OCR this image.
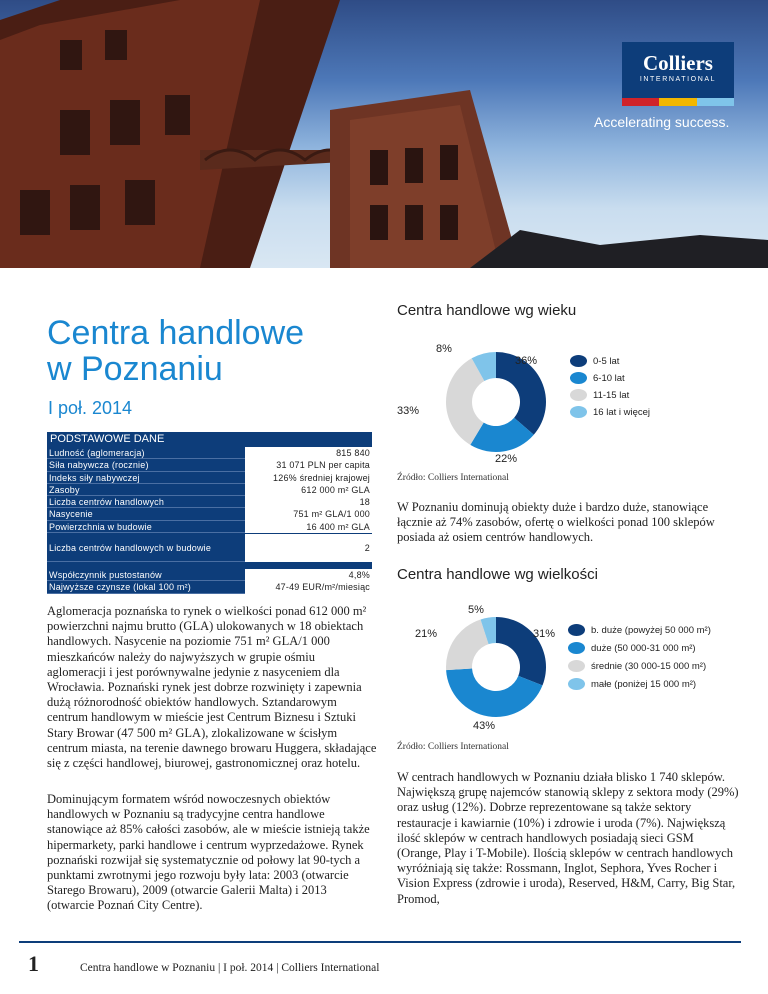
Colliers
INTERNATIONAL
Accelerating success.
Centra handlowe
w Poznaniu
I poł. 2014
PODSTAWOWE DANE
Ludność (aglomeracja)
Siła nabywcza (rocznie)
Indeks siły nabywczej
Zasoby
Liczba centrów handlowych
Nasycenie
Powierzchnia w budowie
815 840
31 071 PLN per capita
126% średniej krajowej
612 000 m² GLA
18
751 m² GLA/1 000
16 400 m² GLA
Liczba centrów handlowych w budowie	2
Współczynnik pustostanów
Najwyższe czynsze (lokal 100 m²)
4,8%
47-49 EUR/m²/miesiąc

Aglomeracja poznańska to rynek o wielkości ponad 612 000 m² powierzchni najmu brutto (GLA) ulokowanych w 18 obiektach handlowych. Nasycenie na poziomie 751 m² GLA/1 000 mieszkańców należy do najwyższych w grupie ośmiu aglomeracji i jest porównywalne jedynie z nasyceniem dla Wrocławia. Poznański rynek jest dobrze rozwinięty i zapewnia dużą różnorodność obiektów handlowych. Sztandarowym centrum handlowym w mieście jest Centrum Biznesu i Sztuki Stary Browar (47 500 m² GLA), zlokalizowane w ścisłym centrum miasta, na terenie dawnego browaru Huggera, składające się z części handlowej, biurowej, gastronomicznej oraz hotelu.

Dominującym formatem wśród nowoczesnych obiektów handlowych w Poznaniu są tradycyjne centra handlowe stanowiące aż 85% całości zasobów, ale w mieście istnieją także hipermarkety, parki handlowe i centrum wyprzedażowe. Rynek poznański rozwijał się systematycznie od połowy lat 90-tych a punktami zwrotnymi jego rozwoju były lata: 2003 (otwarcie Starego Browaru), 2009 (otwarcie Galerii Malta) i 2013 (otwarcie Poznań City Centre).

Centra handlowe wg wieku
36%
22%
33%
8%
0-5 lat
6-10 lat
11-15 lat
16 lat i więcej
Źródło: Colliers International

W Poznaniu dominują obiekty duże i bardzo duże, stanowiące łącznie aż 74% zasobów, ofertę o wielkości ponad 100 sklepów posiada aż osiem centrów handlowych.

Centra handlowe wg wielkości
31%
43%
21%
5%
b. duże (powyżej 50 000 m²)
duże (50 000-31 000 m²)
średnie (30 000-15 000 m²)
małe (poniżej 15 000 m²)
Źródło: Colliers International

W centrach handlowych w Poznaniu działa blisko 1 740 sklepów. Największą grupę najemców stanowią sklepy z sektora mody (29%) oraz usług (12%). Dobrze reprezentowane są także sektory restauracje i kawiarnie (10%) i zdrowie i uroda (7%). Największą ilość sklepów w centrach handlowych posiadają sieci GSM (Orange, Play i T-Mobile). Ilością sklepów w centrach handlowych wyróżniają się także: Rossmann, Inglot, Sephora, Yves Rocher i Vision Express (zdrowie i uroda), Reserved, H&M, Carry, Big Star, Promod,

1	Centra handlowe w Poznaniu | I poł. 2014 | Colliers International
